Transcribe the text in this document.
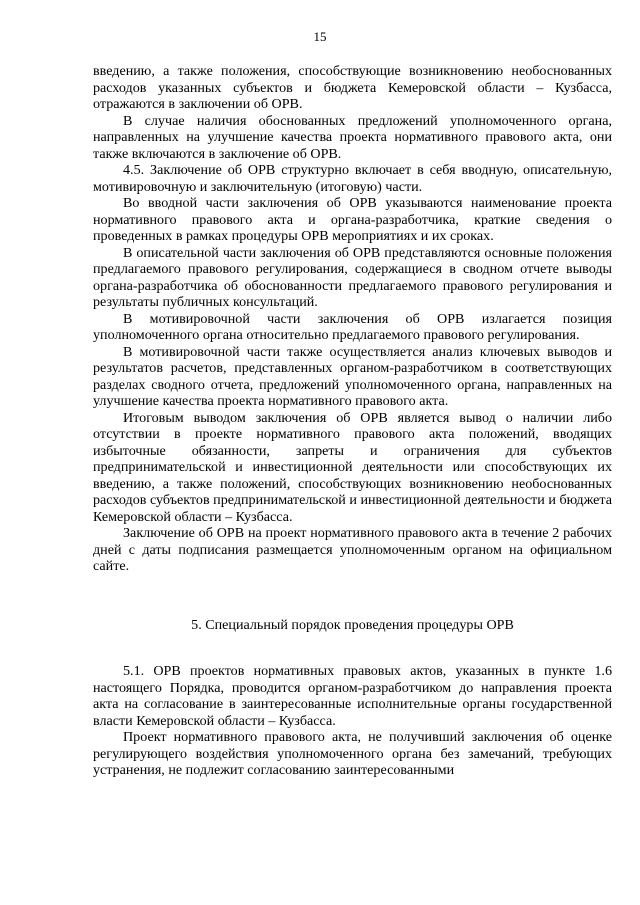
15

введению, а также положения, способствующие возникновению необоснованных расходов указанных субъектов и бюджета Кемеровской области – Кузбасса, отражаются в заключении об ОРВ.

В случае наличия обоснованных предложений уполномоченного органа, направленных на улучшение качества проекта нормативного правового акта, они также включаются в заключение об ОРВ.

4.5. Заключение об ОРВ структурно включает в себя вводную, описательную, мотивировочную и заключительную (итоговую) части.

Во вводной части заключения об ОРВ указываются наименование проекта нормативного правового акта и органа-разработчика, краткие сведения о проведенных в рамках процедуры ОРВ мероприятиях и их сроках.

В описательной части заключения об ОРВ представляются основные положения предлагаемого правового регулирования, содержащиеся в сводном отчете выводы органа-разработчика об обоснованности предлагаемого правового регулирования и результаты публичных консультаций.

В мотивировочной части заключения об ОРВ излагается позиция уполномоченного органа относительно предлагаемого правового регулирования.

В мотивировочной части также осуществляется анализ ключевых выводов и результатов расчетов, представленных органом-разработчиком в соответствующих разделах сводного отчета, предложений уполномоченного органа, направленных на улучшение качества проекта нормативного правового акта.

Итоговым выводом заключения об ОРВ является вывод о наличии либо отсутствии в проекте нормативного правового акта положений, вводящих избыточные обязанности, запреты и ограничения для субъектов предпринимательской и инвестиционной деятельности или способствующих их введению, а также положений, способствующих возникновению необоснованных расходов субъектов предпринимательской и инвестиционной деятельности и бюджета Кемеровской области – Кузбасса.

Заключение об ОРВ на проект нормативного правового акта в течение 2 рабочих дней с даты подписания размещается уполномоченным органом на официальном сайте.

5. Специальный порядок проведения процедуры ОРВ

5.1. ОРВ проектов нормативных правовых актов, указанных в пункте 1.6 настоящего Порядка, проводится органом-разработчиком до направления проекта акта на согласование в заинтересованные исполнительные органы государственной власти Кемеровской области – Кузбасса.

Проект нормативного правового акта, не получивший заключения об оценке регулирующего воздействия уполномоченного органа без замечаний, требующих устранения, не подлежит согласованию заинтересованными
